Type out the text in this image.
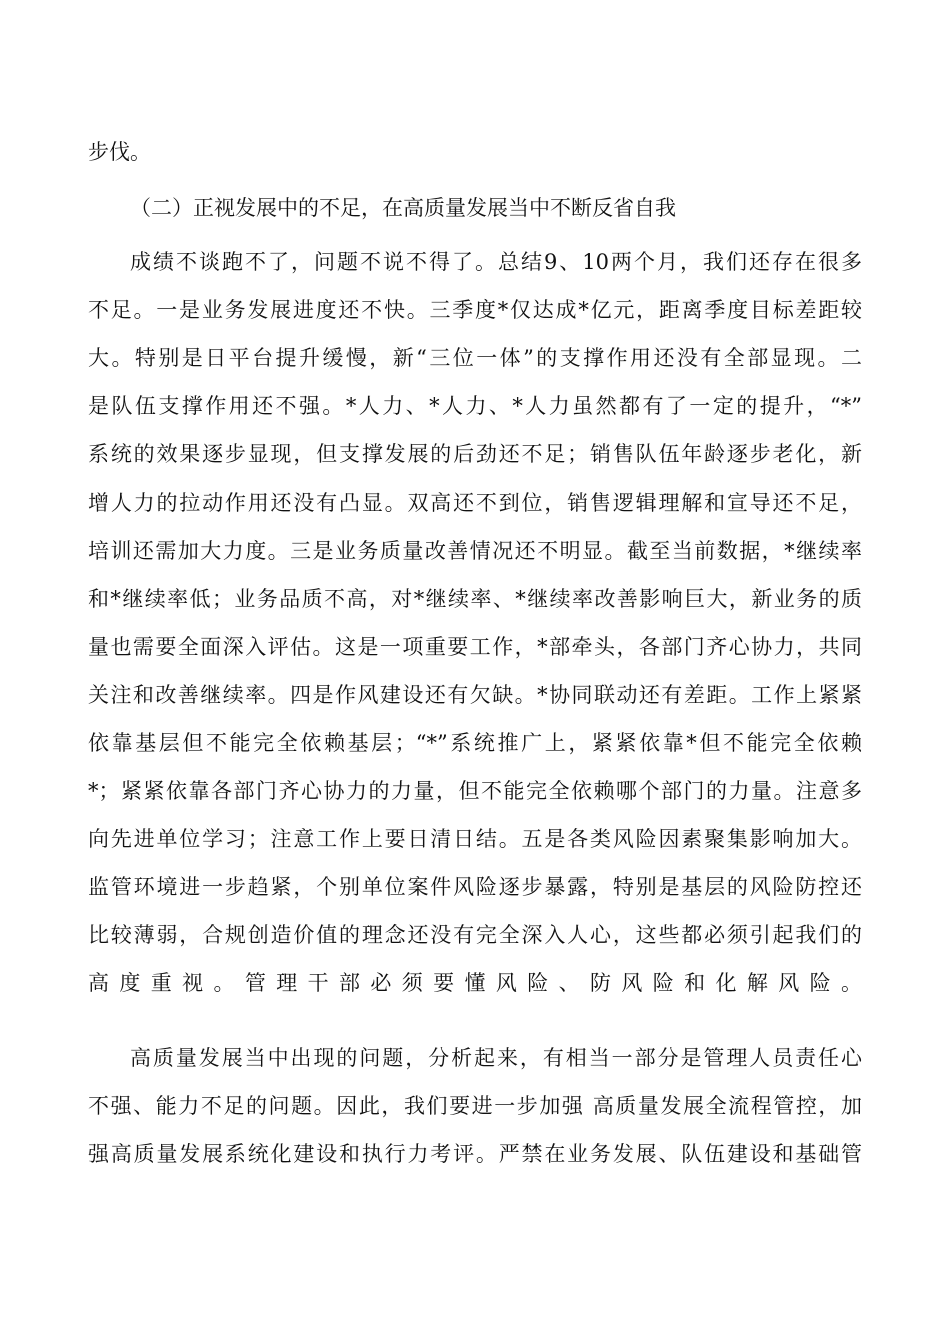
步伐。

（二）正视发展中的不足，在高质量发展当中不断反省自我

成绩不谈跑不了，问题不说不得了。总结9、10两个月，我们还存在很多

不足。一是业务发展进度还不快。三季度*仅达成*亿元，距离季度目标差距较

大。特别是日平台提升缓慢，新“三位一体”的支撑作用还没有全部显现。二

是队伍支撑作用还不强。*人力、*人力、*人力虽然都有了一定的提升，“*”

系统的效果逐步显现，但支撑发展的后劲还不足；销售队伍年龄逐步老化，新

增人力的拉动作用还没有凸显。双高还不到位，销售逻辑理解和宣导还不足，

培训还需加大力度。三是业务质量改善情况还不明显。截至当前数据，*继续率

和*继续率低；业务品质不高，对*继续率、*继续率改善影响巨大，新业务的质

量也需要全面深入评估。这是一项重要工作，*部牵头，各部门齐心协力，共同

关注和改善继续率。四是作风建设还有欠缺。*协同联动还有差距。工作上紧紧

依靠基层但不能完全依赖基层；“*”系统推广上，紧紧依靠*但不能完全依赖

*；紧紧依靠各部门齐心协力的力量，但不能完全依赖哪个部门的力量。注意多

向先进单位学习；注意工作上要日清日结。五是各类风险因素聚集影响加大。

监管环境进一步趋紧，个别单位案件风险逐步暴露，特别是基层的风险防控还

比较薄弱，合规创造价值的理念还没有完全深入人心，这些都必须引起我们的

高度重视。管理干部必须要懂风险、防风险和化解风险。

高质量发展当中出现的问题，分析起来，有相当一部分是管理人员责任心

不强、能力不足的问题。因此，我们要进一步加强 高质量发展全流程管控，加

强高质量发展系统化建设和执行力考评。严禁在业务发展、队伍建设和基础管
